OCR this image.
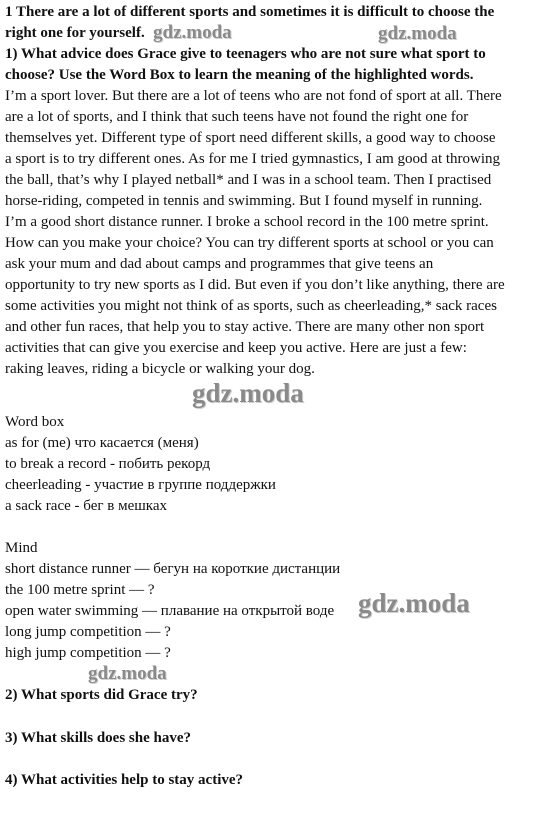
1 There are a lot of different sports and sometimes it is difficult to choose the
right one for yourself.
1) What advice does Grace give to teenagers who are not sure what sport to
choose? Use the Word Box to learn the meaning of the highlighted words.
I’m a sport lover. But there are a lot of teens who are not fond of sport at all. There
are a lot of sports, and I think that such teens have not found the right one for
themselves yet. Different type of sport need different skills, a good way to choose
a sport is to try different ones. As for me I tried gymnastics, I am good at throwing
the ball, that’s why I played netball* and I was in a school team. Then I practised
horse-riding, competed in tennis and swimming. But I found myself in running.
I’m a good short distance runner. I broke a school record in the 100 metre sprint.
How can you make your choice? You can try different sports at school or you can
ask your mum and dad about camps and programmes that give teens an
opportunity to try new sports as I did. But even if you don’t like anything, there are
some activities you might not think of as sports, such as cheerleading,* sack races
and other fun races, that help you to stay active. There are many other non sport
activities that can give you exercise and keep you active. Here are just a few:
raking leaves, riding a bicycle or walking your dog.
Word box
as for (me) что касается (меня)
to break a record - побить рекорд
cheerleading - участие в группе поддержки
a sack race - бег в мешках
Mind
short distance runner — бегун на короткие дистанции
the 100 metre sprint — ?
open water swimming — плавание на открытой воде
long jump competition — ?
high jump competition — ?
2) What sports did Grace try?
3) What skills does she have?
4) What activities help to stay active?
gdz.moda	gdz.moda
gdz.moda
gdz.moda
gdz.moda
